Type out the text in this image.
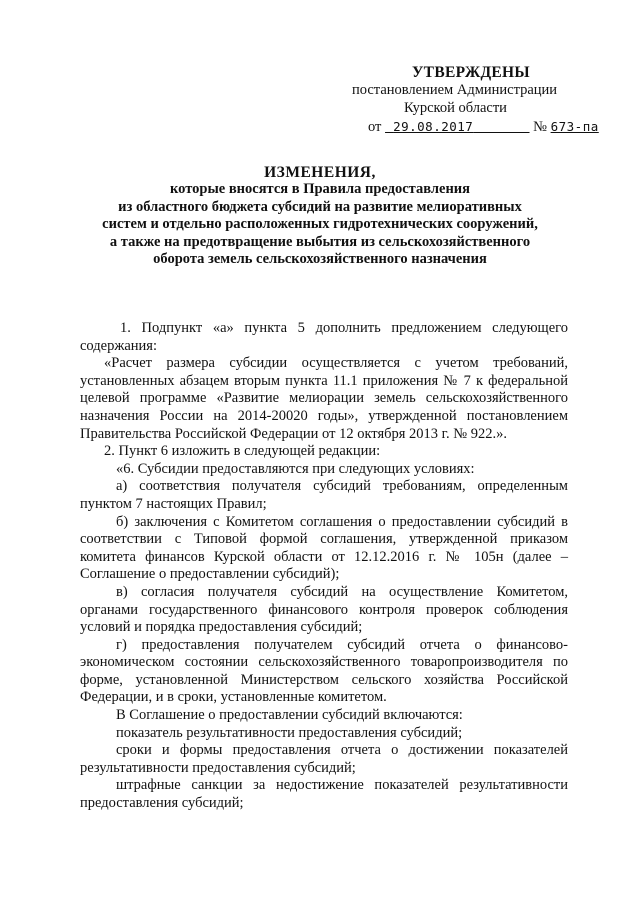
УТВЕРЖДЕНЫ
постановлением Администрации
Курской области
от 29.08.2017	№ 673-па
ИЗМЕНЕНИЯ,
которые вносятся в Правила предоставления
из областного бюджета субсидий на развитие мелиоративных
систем и отдельно расположенных гидротехнических сооружений,
а также на предотвращение выбытия из сельскохозяйственного
оборота земель сельскохозяйственного назначения

1. Подпункт «а» пункта 5 дополнить предложением следующего содержания:

«Расчет размера субсидии осуществляется с учетом требований, установленных абзацем вторым пункта 11.1 приложения № 7 к федеральной целевой программе «Развитие мелиорации земель сельскохозяйственного назначения России на 2014-20020 годы», утвержденной постановлением Правительства Российской Федерации от 12 октября 2013 г. № 922.».

2. Пункт 6 изложить в следующей редакции:

«6. Субсидии предоставляются при следующих условиях:

а) соответствия получателя субсидий требованиям, определенным пунктом 7 настоящих Правил;

б) заключения с Комитетом соглашения о предоставлении субсидий в соответствии с Типовой формой соглашения, утвержденной приказом комитета финансов Курской области от 12.12.2016 г. № 105н (далее – Соглашение о предоставлении субсидий);

в) согласия получателя субсидий на осуществление Комитетом, органами государственного финансового контроля проверок соблюдения условий и порядка предоставления субсидий;

г) предоставления получателем субсидий отчета о финансово-экономическом состоянии сельскохозяйственного товаропроизводителя по форме, установленной Министерством сельского хозяйства Российской Федерации, и в сроки, установленные комитетом.

В Соглашение о предоставлении субсидий включаются:

показатель результативности предоставления субсидий;

сроки и формы предоставления отчета о достижении показателей результативности предоставления субсидий;

штрафные санкции за недостижение показателей результативности предоставления субсидий;
